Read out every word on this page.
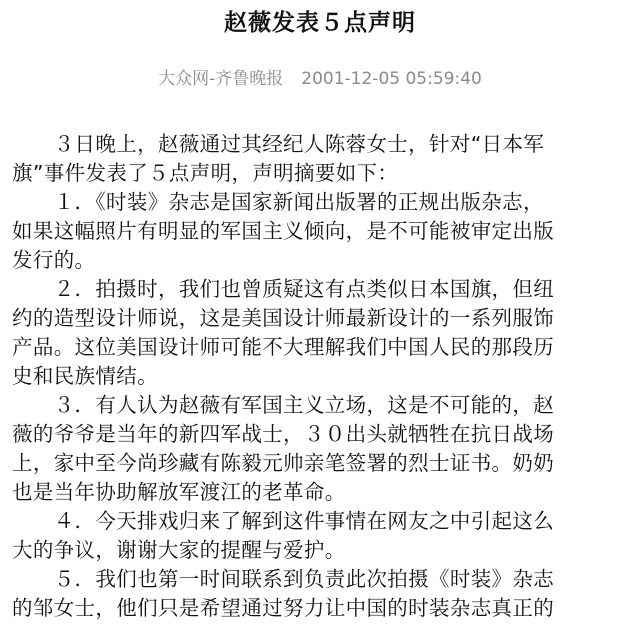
赵薇发表５点声明
大众网-齐鲁晚报 2001-12-05 05:59:40
　　３日晚上，赵薇通过其经纪人陈蓉女士，针对“日本军
旗”事件发表了５点声明，声明摘要如下：
　　１．《时装》杂志是国家新闻出版署的正规出版杂志，
如果这幅照片有明显的军国主义倾向，是不可能被审定出版
发行的。
　　２．拍摄时，我们也曾质疑这有点类似日本国旗，但纽
约的造型设计师说，这是美国设计师最新设计的一系列服饰
产品。这位美国设计师可能不大理解我们中国人民的那段历
史和民族情结。
　　３．有人认为赵薇有军国主义立场，这是不可能的，赵
薇的爷爷是当年的新四军战士，３０出头就牺牲在抗日战场
上，家中至今尚珍藏有陈毅元帅亲笔签署的烈士证书。奶奶
也是当年协助解放军渡江的老革命。
　　４．今天排戏归来了解到这件事情在网友之中引起这么
大的争议，谢谢大家的提醒与爱护。
　　５．我们也第一时间联系到负责此次拍摄《时装》杂志
的邹女士，他们只是希望通过努力让中国的时装杂志真正的
